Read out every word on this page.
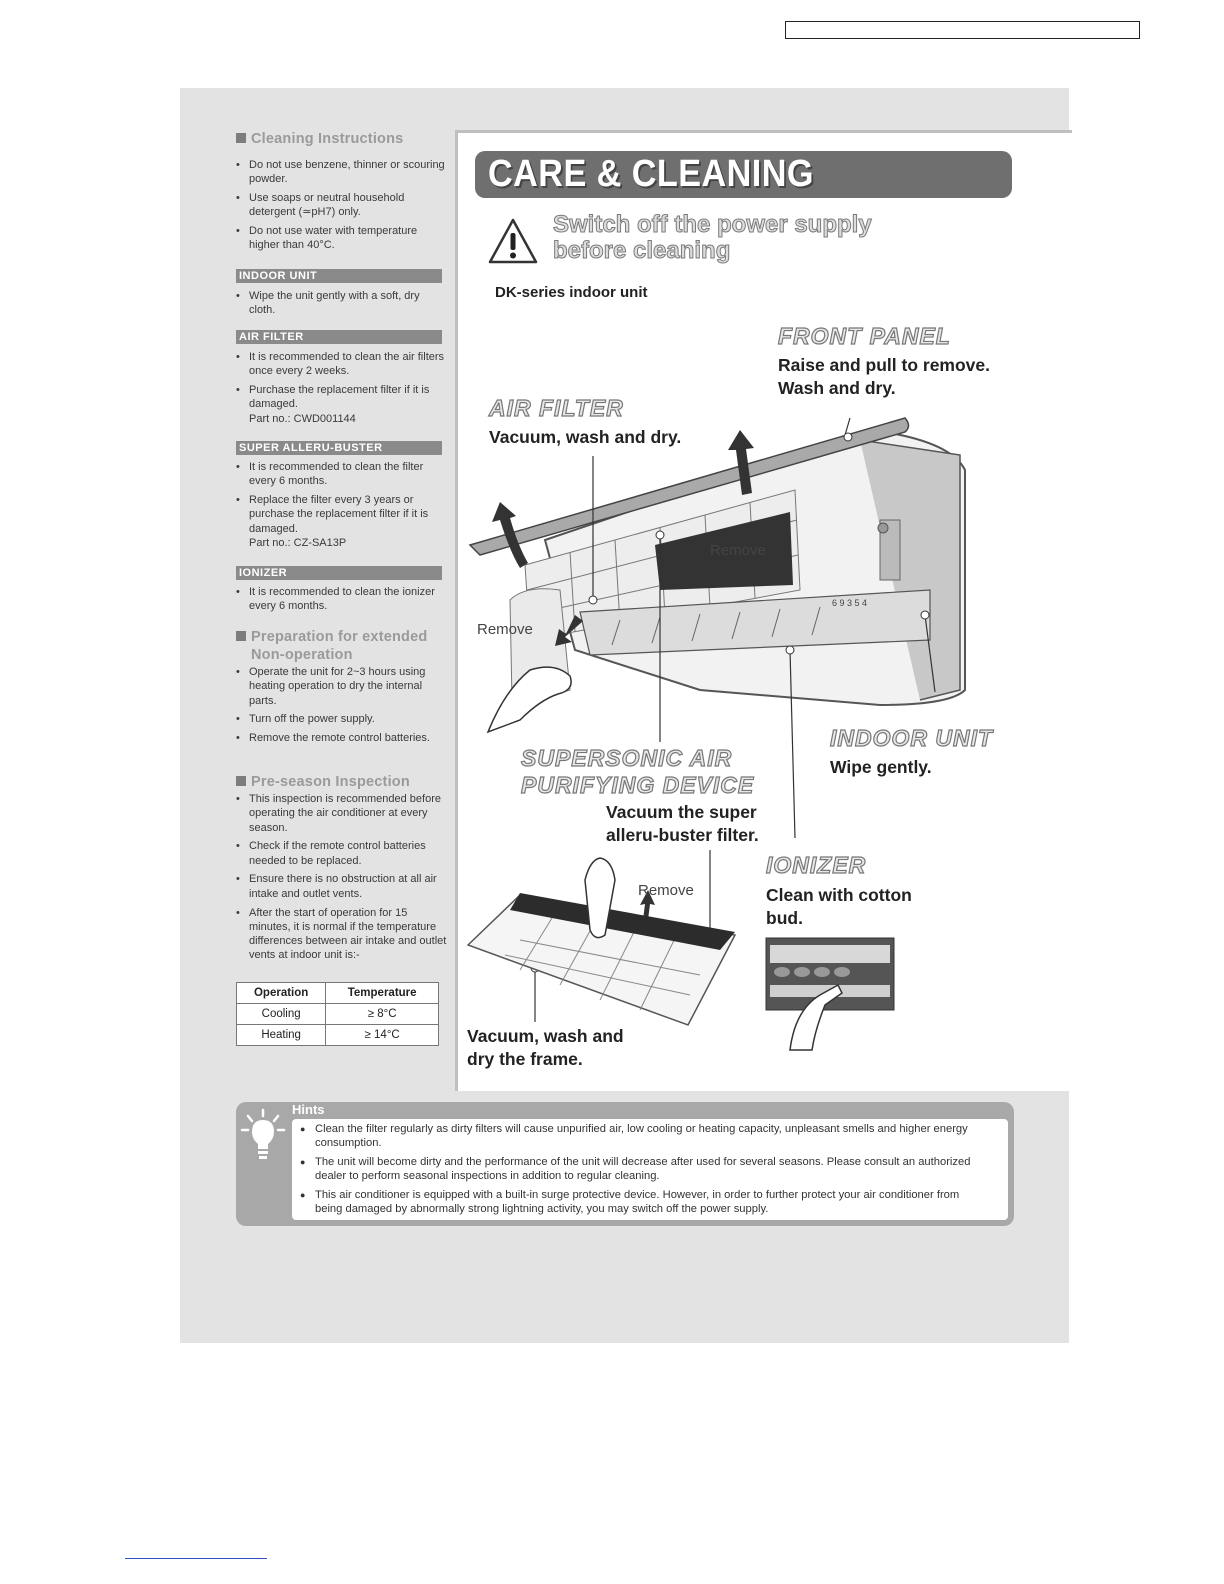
Cleaning Instructions
• Do not use benzene, thinner or scouring powder.
• Use soaps or neutral household detergent (≃pH7) only.
• Do not use water with temperature higher than 40°C.
INDOOR UNIT
• Wipe the unit gently with a soft, dry cloth.
AIR FILTER
• It is recommended to clean the air filters once every 2 weeks.
• Purchase the replacement filter if it is damaged.
Part no.: CWD001144
SUPER ALLERU-BUSTER
• It is recommended to clean the filter every 6 months.
• Replace the filter every 3 years or purchase the replacement filter if it is damaged.
Part no.: CZ-SA13P
IONIZER
• It is recommended to clean the ionizer every 6 months.
Preparation for extended
Non-operation
• Operate the unit for 2~3 hours using heating operation to dry the internal parts.
• Turn off the power supply.
• Remove the remote control batteries.
Pre-season Inspection
• This inspection is recommended before operating the air conditioner at every season.
• Check if the remote control batteries needed to be replaced.
• Ensure there is no obstruction at all air intake and outlet vents.
• After the start of operation for 15 minutes, it is normal if the temperature differences between air intake and outlet vents at indoor unit is:-
Operation	Temperature
Cooling	≥ 8°C
Heating	≥ 14°C
6 9 3 5 4
CARE & CLEANING
Switch off the power supply
before cleaning
DK-series indoor unit
FRONT PANEL
Raise and pull to remove.
Wash and dry.
AIR FILTER
Vacuum, wash and dry.
Remove
Remove
Remove
INDOOR UNIT
Wipe gently.
SUPERSONIC AIR
PURIFYING DEVICE
Vacuum the super
alleru-buster filter.
IONIZER
Clean with cotton
bud.
Vacuum, wash and
dry the frame.
Hints
● Clean the filter regularly as dirty filters will cause unpurified air, low cooling or heating capacity, unpleasant smells and higher energy consumption.
● The unit will become dirty and the performance of the unit will decrease after used for several seasons. Please consult an authorized dealer to perform seasonal inspections in addition to regular cleaning.
● This air conditioner is equipped with a built-in surge protective device. However, in order to further protect your air conditioner from being damaged by abnormally strong lightning activity, you may switch off the power supply.
